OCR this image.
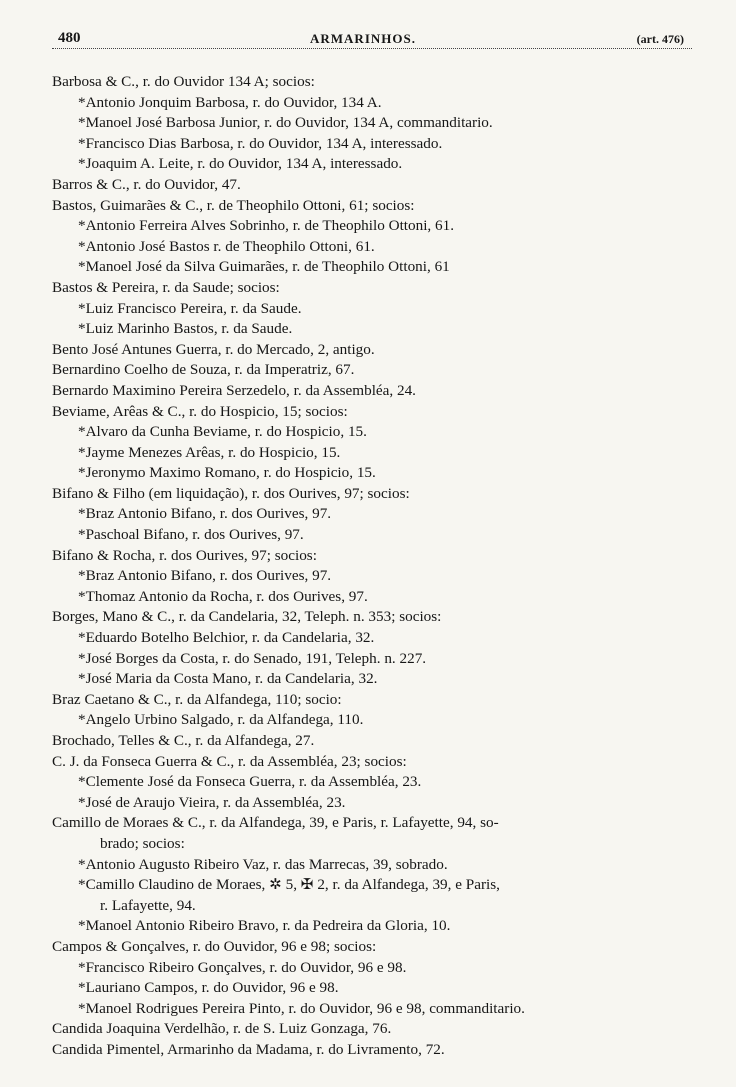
480	ARMARINHOS.	(art. 476)
Barbosa & C., r. do Ouvidor 134 A; socios:
*Antonio Jonquim Barbosa, r. do Ouvidor, 134 A.
*Manoel José Barbosa Junior, r. do Ouvidor, 134 A, commanditario.
*Francisco Dias Barbosa, r. do Ouvidor, 134 A, interessado.
*Joaquim A. Leite, r. do Ouvidor, 134 A, interessado.
Barros & C., r. do Ouvidor, 47.
Bastos, Guimarães & C., r. de Theophilo Ottoni, 61; socios:
*Antonio Ferreira Alves Sobrinho, r. de Theophilo Ottoni, 61.
*Antonio José Bastos r. de Theophilo Ottoni, 61.
*Manoel José da Silva Guimarães, r. de Theophilo Ottoni, 61
Bastos & Pereira, r. da Saude; socios:
*Luiz Francisco Pereira, r. da Saude.
*Luiz Marinho Bastos, r. da Saude.
Bento José Antunes Guerra, r. do Mercado, 2, antigo.
Bernardino Coelho de Souza, r. da Imperatriz, 67.
Bernardo Maximino Pereira Serzedelo, r. da Assembléa, 24.
Beviame, Arêas & C., r. do Hospicio, 15; socios:
*Alvaro da Cunha Beviame, r. do Hospicio, 15.
*Jayme Menezes Arêas, r. do Hospicio, 15.
*Jeronymo Maximo Romano, r. do Hospicio, 15.
Bifano & Filho (em liquidação), r. dos Ourives, 97; socios:
*Braz Antonio Bifano, r. dos Ourives, 97.
*Paschoal Bifano, r. dos Ourives, 97.
Bifano & Rocha, r. dos Ourives, 97; socios:
*Braz Antonio Bifano, r. dos Ourives, 97.
*Thomaz Antonio da Rocha, r. dos Ourives, 97.
Borges, Mano & C., r. da Candelaria, 32, Teleph. n. 353; socios:
*Eduardo Botelho Belchior, r. da Candelaria, 32.
*José Borges da Costa, r. do Senado, 191, Teleph. n. 227.
*José Maria da Costa Mano, r. da Candelaria, 32.
Braz Caetano & C., r. da Alfandega, 110; socio:
*Angelo Urbino Salgado, r. da Alfandega, 110.
Brochado, Telles & C., r. da Alfandega, 27.
C. J. da Fonseca Guerra & C., r. da Assembléa, 23; socios:
*Clemente José da Fonseca Guerra, r. da Assembléa, 23.
*José de Araujo Vieira, r. da Assembléa, 23.
Camillo de Moraes & C., r. da Alfandega, 39, e Paris, r. Lafayette, 94, so-
brado; socios:
*Antonio Augusto Ribeiro Vaz, r. das Marrecas, 39, sobrado.
*Camillo Claudino de Moraes, ✲ 5, ✠ 2, r. da Alfandega, 39, e Paris,
r. Lafayette, 94.
*Manoel Antonio Ribeiro Bravo, r. da Pedreira da Gloria, 10.
Campos & Gonçalves, r. do Ouvidor, 96 e 98; socios:
*Francisco Ribeiro Gonçalves, r. do Ouvidor, 96 e 98.
*Lauriano Campos, r. do Ouvidor, 96 e 98.
*Manoel Rodrigues Pereira Pinto, r. do Ouvidor, 96 e 98, commanditario.
Candida Joaquina Verdelhão, r. de S. Luiz Gonzaga, 76.
Candida Pimentel, Armarinho da Madama, r. do Livramento, 72.
